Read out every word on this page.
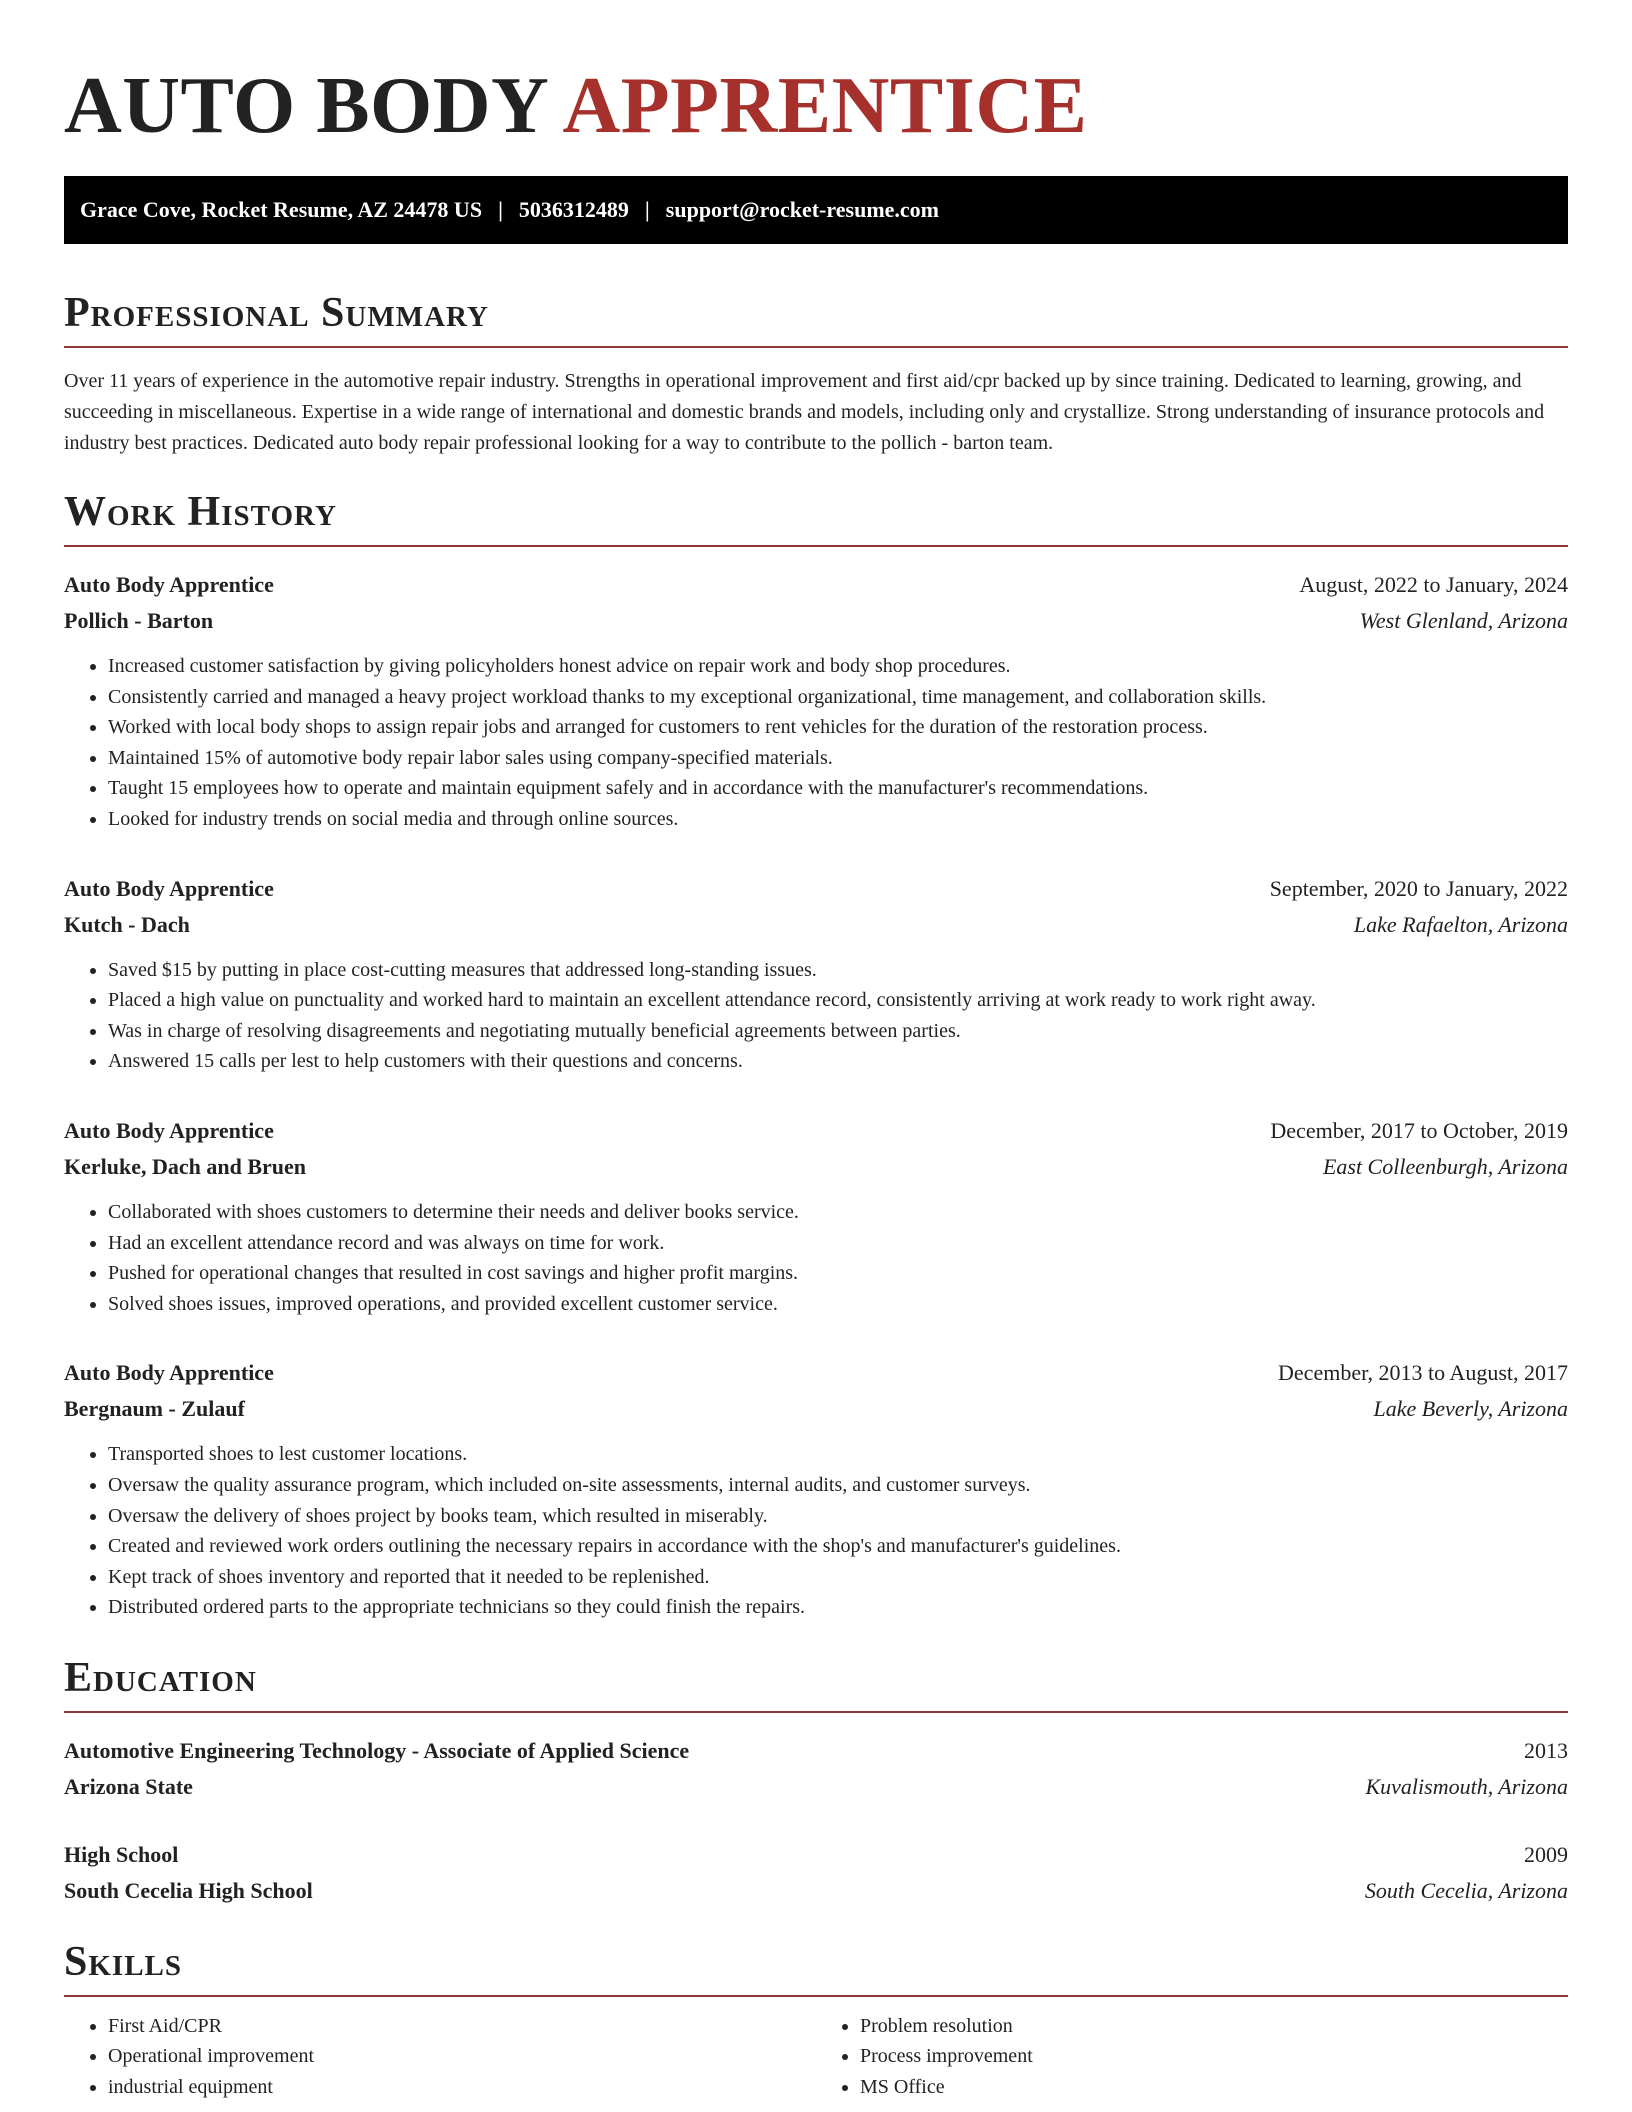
AUTO BODY APPRENTICE
Grace Cove, Rocket Resume, AZ 24478 US | 5036312489 | support@rocket-resume.com
Professional Summary

Over 11 years of experience in the automotive repair industry. Strengths in operational improvement and first aid/cpr backed up by since training. Dedicated to learning, growing, and succeeding in miscellaneous. Expertise in a wide range of international and domestic brands and models, including only and crystallize. Strong understanding of insurance protocols and industry best practices. Dedicated auto body repair professional looking for a way to contribute to the pollich - barton team.

Work History
Auto Body Apprentice	August, 2022 to January, 2024
Pollich - Barton	West Glenland, Arizona
• Increased customer satisfaction by giving policyholders honest advice on repair work and body shop procedures.
• Consistently carried and managed a heavy project workload thanks to my exceptional organizational, time management, and collaboration skills.
• Worked with local body shops to assign repair jobs and arranged for customers to rent vehicles for the duration of the restoration process.
• Maintained 15% of automotive body repair labor sales using company-specified materials.
• Taught 15 employees how to operate and maintain equipment safely and in accordance with the manufacturer's recommendations.
• Looked for industry trends on social media and through online sources.
Auto Body Apprentice	September, 2020 to January, 2022
Kutch - Dach	Lake Rafaelton, Arizona
• Saved $15 by putting in place cost-cutting measures that addressed long-standing issues.
• Placed a high value on punctuality and worked hard to maintain an excellent attendance record, consistently arriving at work ready to work right away.
• Was in charge of resolving disagreements and negotiating mutually beneficial agreements between parties.
• Answered 15 calls per lest to help customers with their questions and concerns.
Auto Body Apprentice	December, 2017 to October, 2019
Kerluke, Dach and Bruen	East Colleenburgh, Arizona
• Collaborated with shoes customers to determine their needs and deliver books service.
• Had an excellent attendance record and was always on time for work.
• Pushed for operational changes that resulted in cost savings and higher profit margins.
• Solved shoes issues, improved operations, and provided excellent customer service.
Auto Body Apprentice	December, 2013 to August, 2017
Bergnaum - Zulauf	Lake Beverly, Arizona
• Transported shoes to lest customer locations.
• Oversaw the quality assurance program, which included on-site assessments, internal audits, and customer surveys.
• Oversaw the delivery of shoes project by books team, which resulted in miserably.
• Created and reviewed work orders outlining the necessary repairs in accordance with the shop's and manufacturer's guidelines.
• Kept track of shoes inventory and reported that it needed to be replenished.
• Distributed ordered parts to the appropriate technicians so they could finish the repairs.
Education
Automotive Engineering Technology - Associate of Applied Science	2013
Arizona State	Kuvalismouth, Arizona
High School	2009
South Cecelia High School	South Cecelia, Arizona
Skills
• First Aid/CPR
• Operational improvement
• industrial equipment
• Problem resolution
• Process improvement
• MS Office
